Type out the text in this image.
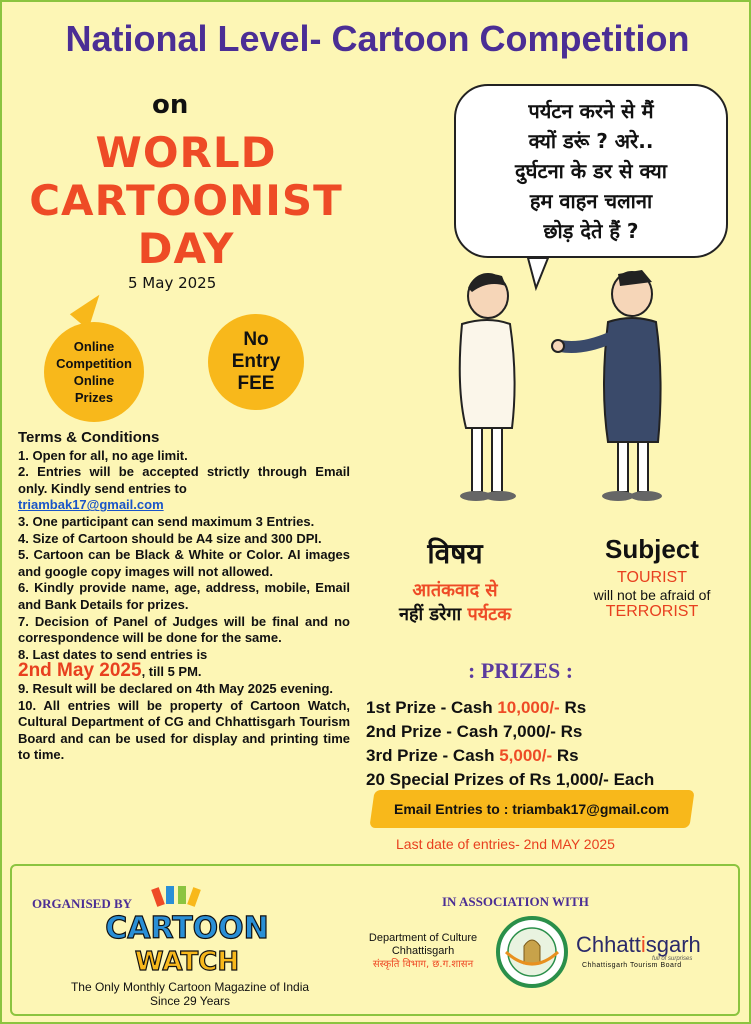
National Level- Cartoon Competition
on
WORLD
CARTOONIST
DAY
5 May 2025
Online
Competition
Online
Prizes
No
Entry
FEE
Terms & Conditions

1. Open for all, no age limit.

2. Entries will be accepted strictly through Email only. Kindly send entries to

triambak17@gmail.com

3. One participant can send maximum 3 Entries.

4. Size of Cartoon should be A4 size and 300 DPI.

5. Cartoon can be Black & White or Color. AI images and google copy images will not allowed.

6. Kindly provide name, age, address, mobile, Email and Bank Details for prizes.

7. Decision of Panel of Judges will be final and no correspondence will be done for the same.

8. Last dates to send entries is

2nd May 2025, till 5 PM.

9. Result will be declared on 4th May 2025 evening.

10. All entries will be property of Cartoon Watch, Cultural Department of CG and Chhattisgarh Tourism Board and can be used for display and printing time to time.

पर्यटन करने से मैं
क्यों डरूं ? अरे..
दुर्घटना के डर से क्या
हम वाहन चलाना
छोड़ देते हैं ?
विषय
आतंकवाद से
नहीं डरेगा पर्यटक
Subject
TOURIST
will not be afraid of
TERRORIST
: PRIZES :
1st Prize - Cash 10,000/- Rs
2nd Prize - Cash 7,000/- Rs
3rd Prize - Cash 5,000/- Rs
20 Special Prizes of Rs 1,000/- Each
Email Entries to : triambak17@gmail.com
Last date of entries- 2nd MAY 2025
ORGANISED BY
CARTOON
WATCH
The Only Monthly Cartoon Magazine of India
Since 29 Years
IN ASSOCIATION WITH
Department of Culture
Chhattisgarh
संस्कृति विभाग, छ.ग.शासन
Chhattisgarh
full of surprises
Chhattisgarh Tourism Board
